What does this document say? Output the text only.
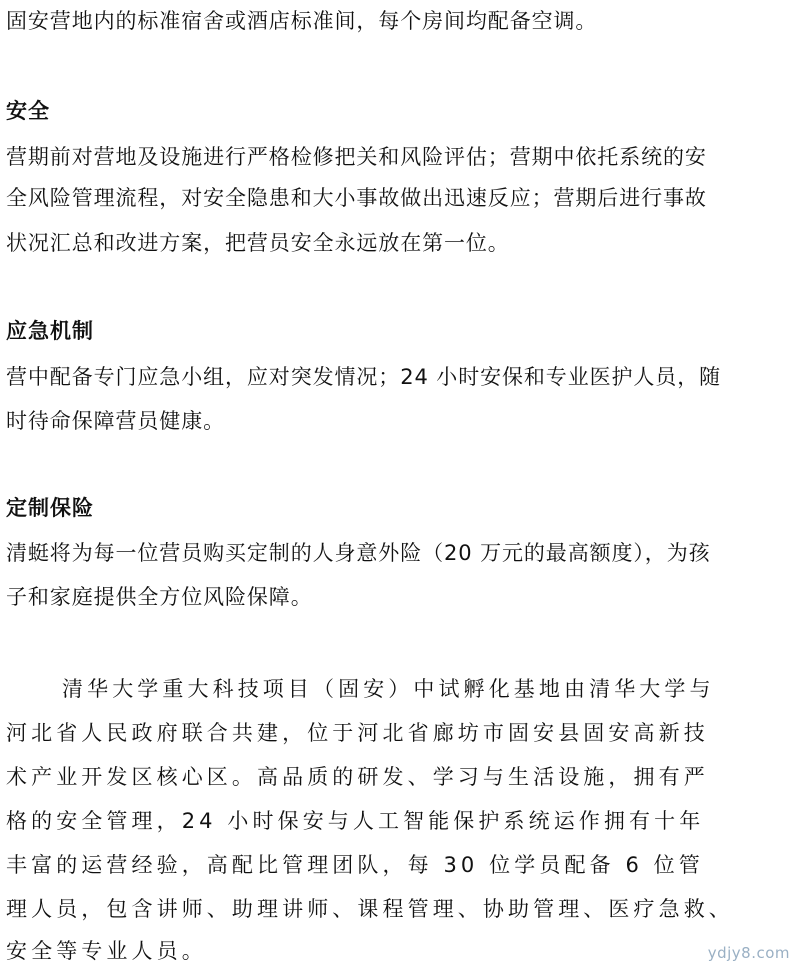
固安营地内的标准宿舍或酒店标准间，每个房间均配备空调。
安全
营期前对营地及设施进行严格检修把关和风险评估；营期中依托系统的安
全风险管理流程，对安全隐患和大小事故做出迅速反应；营期后进行事故
状况汇总和改进方案，把营员安全永远放在第一位。
应急机制
营中配备专门应急小组，应对突发情况；24 小时安保和专业医护人员，随
时待命保障营员健康。
定制保险
清蜓将为每一位营员购买定制的人身意外险（20 万元的最高额度），为孩
子和家庭提供全方位风险保障。
清华大学重大科技项目（固安）中试孵化基地由清华大学与
河北省人民政府联合共建，位于河北省廊坊市固安县固安高新技
术产业开发区核心区。高品质的研发、学习与生活设施，拥有严
格的安全管理，24 小时保安与人工智能保护系统运作拥有十年
丰富的运营经验，高配比管理团队，每 30 位学员配备 6 位管
理人员，包含讲师、助理讲师、课程管理、协助管理、医疗急救、
安全等专业人员。	ydjy8.com
